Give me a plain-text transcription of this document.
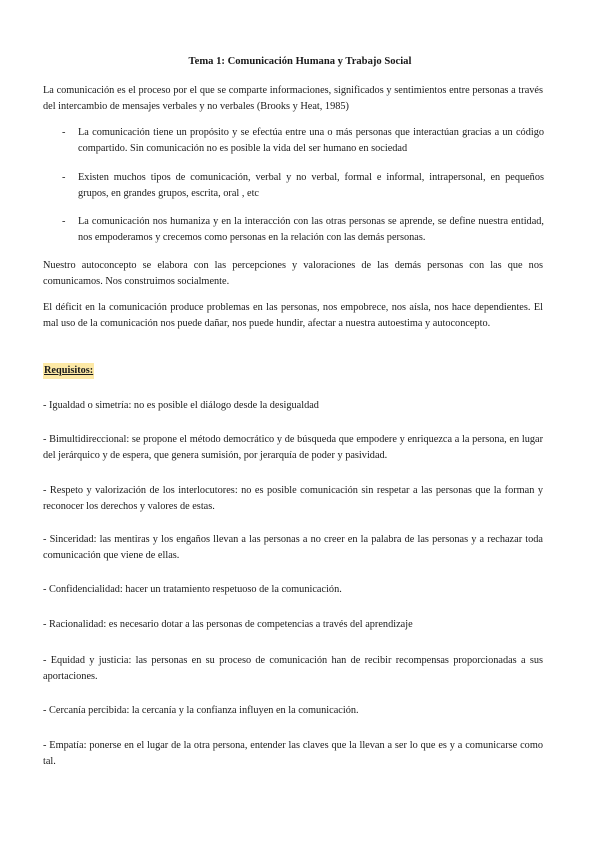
Tema 1: Comunicación Humana y Trabajo Social
La comunicación es el proceso por el que se comparte informaciones, significados y sentimientos entre personas a través del intercambio de mensajes verbales y no verbales (Brooks y Heat, 1985)
- La comunicación tiene un propósito y se efectúa entre una o más personas que interactúan gracias a un código compartido. Sin comunicación no es posible la vida del ser humano en sociedad
- Existen muchos tipos de comunicación, verbal y no verbal, formal e informal, intrapersonal, en pequeños grupos, en grandes grupos, escrita, oral , etc
- La comunicación nos humaniza y en la interacción con las otras personas se aprende, se define nuestra entidad, nos empoderamos y crecemos como personas en la relación con las demás personas.
Nuestro autoconcepto se elabora con las percepciones y valoraciones de las demás personas con las que nos comunicamos. Nos construimos socialmente.
El déficit en la comunicación produce problemas en las personas, nos empobrece, nos aísla, nos hace dependientes. El mal uso de la comunicación nos puede dañar, nos puede hundir, afectar a nuestra autoestima y autoconcepto.
Requisitos:
- Igualdad o simetría: no es posible el diálogo desde la desigualdad
- Bimultidireccional: se propone el método democrático y de búsqueda que empodere y enriquezca a la persona, en lugar del jerárquico y de espera, que genera sumisión, por jerarquía de poder y pasividad.
- Respeto y valorización de los interlocutores: no es posible comunicación sin respetar a las personas que la forman y reconocer los derechos y valores de estas.
- Sinceridad: las mentiras y los engaños llevan a las personas a no creer en la palabra de las personas y a rechazar toda comunicación que viene de ellas.
- Confidencialidad: hacer un tratamiento respetuoso de la comunicación.
- Racionalidad: es necesario dotar a las personas de competencias a través del aprendizaje
- Equidad y justicia: las personas en su proceso de comunicación han de recibir recompensas proporcionadas a sus aportaciones.
- Cercanía percibida: la cercanía y la confianza influyen en la comunicación.
- Empatía: ponerse en el lugar de la otra persona, entender las claves que la llevan a ser lo que es y a comunicarse como tal.
